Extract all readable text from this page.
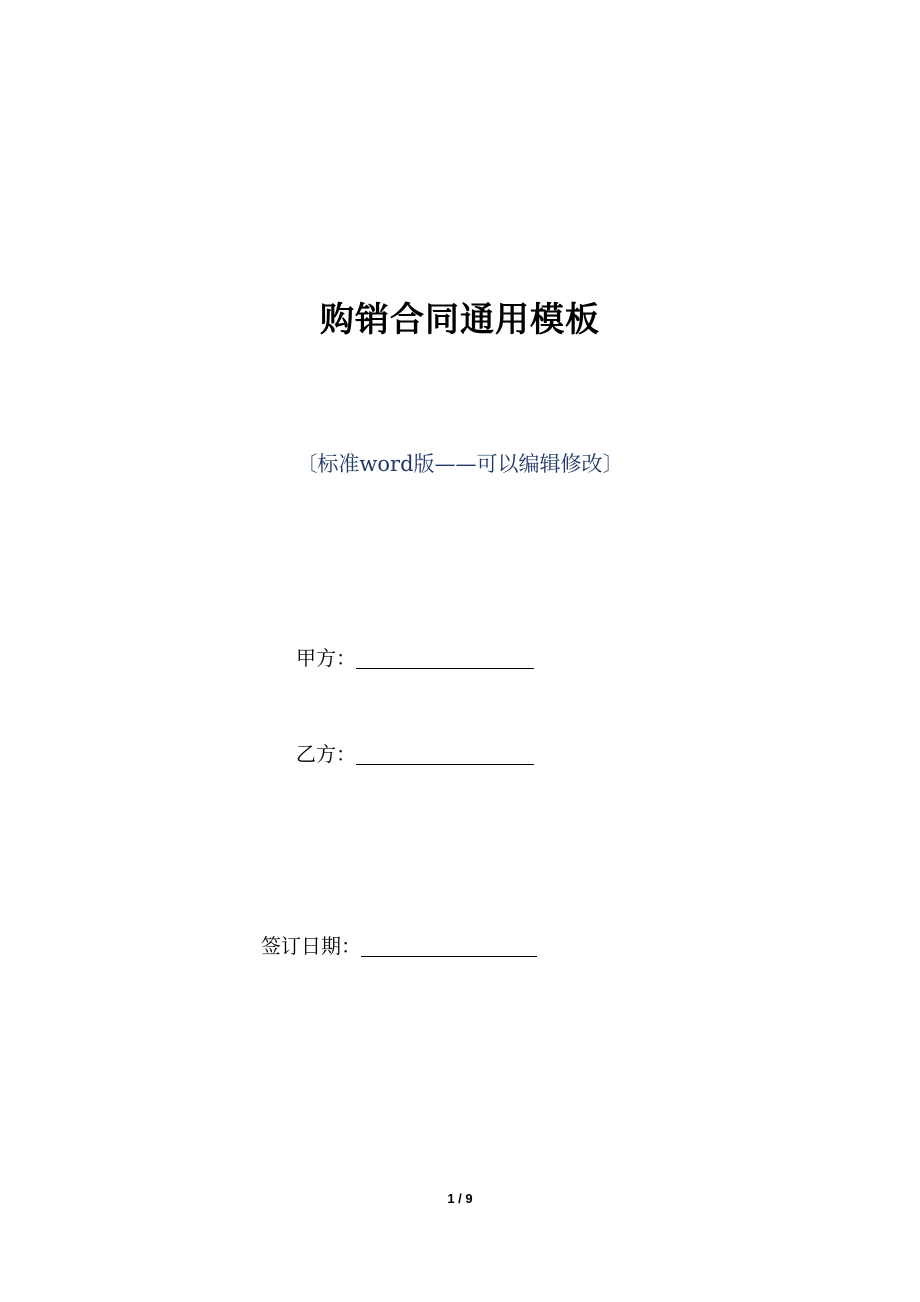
购销合同通用模板
〔标准word版——可以编辑修改〕
甲方：
乙方：
签订日期：
1 / 9
